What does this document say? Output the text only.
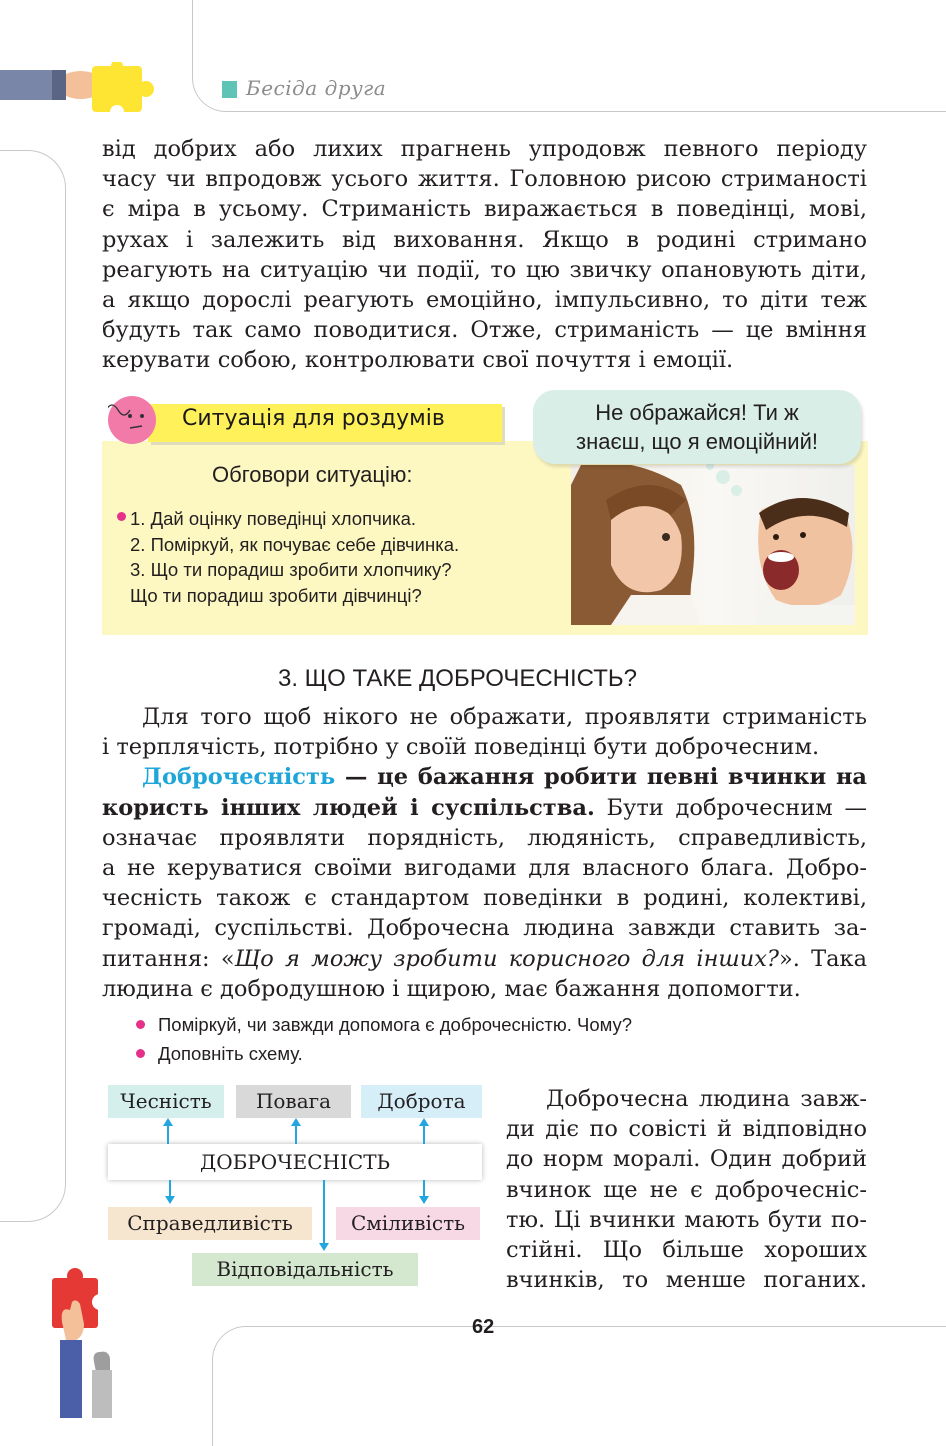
Бесіда друга
від добрих або лихих прагнень упродовж певного періоду
часу чи впродовж усього життя. Головною рисою стриманості
є міра в усьому. Стриманість виражається в поведінці, мові,
рухах і залежить від виховання. Якщо в родині стримано
реагують на ситуацію чи події, то цю звичку опановують діти,
а якщо дорослі реагують емоційно, імпульсивно, то діти теж
будуть так само поводитися. Отже, стриманість — це вміння
керувати собою, контролювати свої почуття і емоції.
Ситуація для роздумів
Обговори ситуацію:
1. Дай оцінку поведінці хлопчика.
2. Поміркуй, як почуває себе дівчинка.
3. Що ти порадиш зробити хлопчику?
Що ти порадиш зробити дівчинці?
Не ображайся! Ти ж
знаєш, що я емоційний!
3. ЩО ТАКЕ ДОБРОЧЕСНІСТЬ?
Для того щоб нікого не ображати, проявляти стриманість
і терплячість, потрібно у своїй поведінці бути доброчесним.
Доброчесність — це бажання робити певні вчинки на
користь інших людей і суспільства. Бути доброчесним —
означає проявляти порядність, людяність, справедливість,
а не керуватися своїми вигодами для власного блага. Добро-
чесність також є стандартом поведінки в родині, колективі,
громаді, суспільстві. Доброчесна людина завжди ставить за-
питання: «Що я можу зробити корисного для інших?». Така
людина є добродушною і щирою, має бажання допомогти.
Поміркуй, чи завжди допомога є доброчесністю. Чому?
Доповніть схему.
Чесність	Повага	Доброта
ДОБРОЧЕСНІСТЬ
Справедливість	Сміливість
Відповідальність
Доброчесна людина завж-
ди діє по совісті й відповідно
до норм моралі. Один добрий
вчинок ще не є доброчесніс-
тю. Ці вчинки мають бути по-
стійні. Що більше хороших
вчинків, то менше поганих.
62
